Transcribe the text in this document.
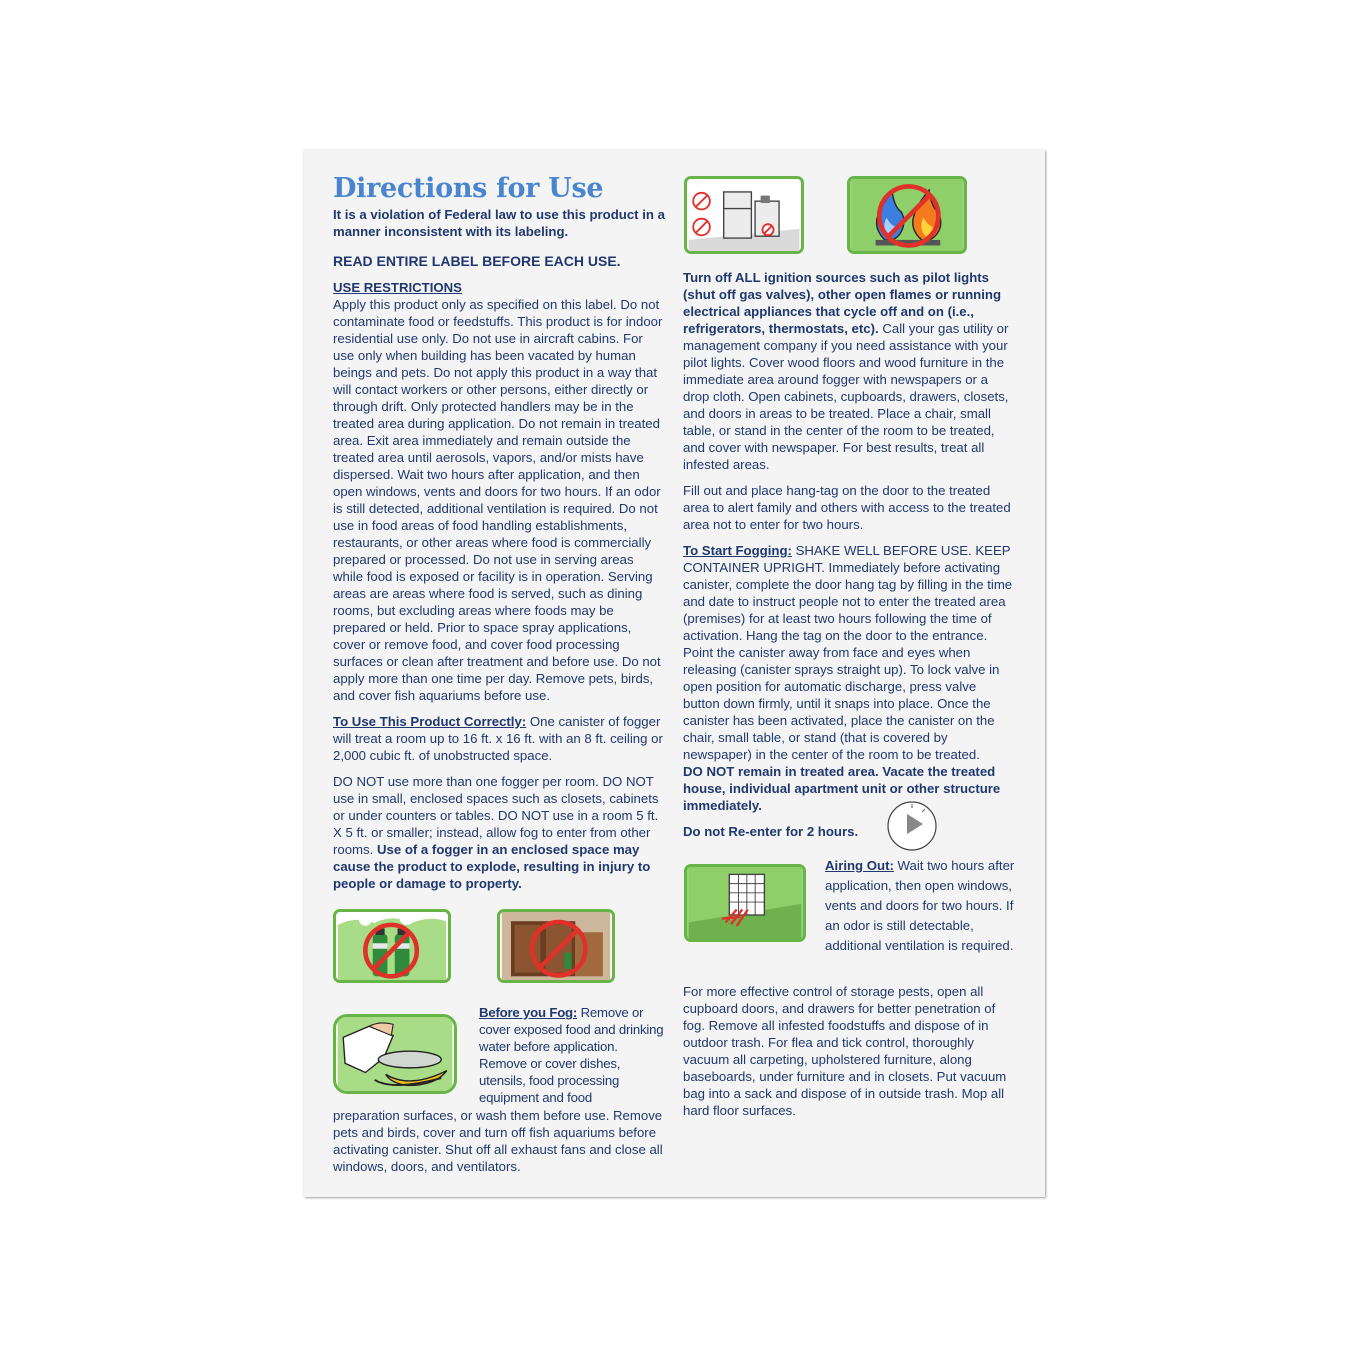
Directions for Use

It is a violation of Federal law to use this product in a manner inconsistent with its labeling.

READ ENTIRE LABEL BEFORE EACH USE.

USE RESTRICTIONS
Apply this product only as specified on this label. Do not contaminate food or feedstuffs. This product is for indoor residential use only. Do not use in aircraft cabins. For use only when building has been vacated by human beings and pets. Do not apply this product in a way that will contact workers or other persons, either directly or through drift. Only protected handlers may be in the treated area during application. Do not remain in treated area. Exit area immediately and remain outside the treated area until aerosols, vapors, and/or mists have dispersed. Wait two hours after application, and then open windows, vents and doors for two hours. If an odor is still detected, additional ventilation is required. Do not use in food areas of food handling establishments, restaurants, or other areas where food is commercially prepared or processed. Do not use in serving areas while food is exposed or facility is in operation. Serving areas are areas where food is served, such as dining rooms, but excluding areas where foods may be prepared or held. Prior to space spray applications, cover or remove food, and cover food processing surfaces or clean after treatment and before use. Do not apply more than one time per day. Remove pets, birds, and cover fish aquariums before use.

To Use This Product Correctly: One canister of fogger will treat a room up to 16 ft. x 16 ft. with an 8 ft. ceiling or 2,000 cubic ft. of unobstructed space.

DO NOT use more than one fogger per room. DO NOT use in small, enclosed spaces such as closets, cabinets or under counters or tables. DO NOT use in a room 5 ft. X 5 ft. or smaller; instead, allow fog to enter from other rooms. Use of a fogger in an enclosed space may cause the product to explode, resulting in injury to people or damage to property.

Before you Fog: Remove or cover exposed food and drinking water before application. Remove or cover dishes, utensils, food processing equipment and food

preparation surfaces, or wash them before use. Remove pets and birds, cover and turn off fish aquariums before activating canister. Shut off all exhaust fans and close all windows, doors, and ventilators.

Turn off ALL ignition sources such as pilot lights (shut off gas valves), other open flames or running electrical appliances that cycle off and on (i.e., refrigerators, thermostats, etc). Call your gas utility or management company if you need assistance with your pilot lights. Cover wood floors and wood furniture in the immediate area around fogger with newspapers or a drop cloth. Open cabinets, cupboards, drawers, closets, and doors in areas to be treated. Place a chair, small table, or stand in the center of the room to be treated, and cover with newspaper. For best results, treat all infested areas.

Fill out and place hang-tag on the door to the treated area to alert family and others with access to the treated area not to enter for two hours.

To Start Fogging: SHAKE WELL BEFORE USE. KEEP CONTAINER UPRIGHT. Immediately before activating canister, complete the door hang tag by filling in the time and date to instruct people not to enter the treated area (premises) for at least two hours following the time of activation. Hang the tag on the door to the entrance. Point the canister away from face and eyes when releasing (canister sprays straight up). To lock valve in open position for automatic discharge, press valve button down firmly, until it snaps into place. Once the canister has been activated, place the canister on the chair, small table, or stand (that is covered by newspaper) in the center of the room to be treated.
DO NOT remain in treated area. Vacate the treated house, individual apartment unit or other structure immediately.

Do not Re-enter for 2 hours.

Airing Out: Wait two hours after application, then open windows, vents and doors for two hours. If an odor is still detectable, additional ventilation is required.

For more effective control of storage pests, open all cupboard doors, and drawers for better penetration of fog. Remove all infested foodstuffs and dispose of in outdoor trash. For flea and tick control, thoroughly vacuum all carpeting, upholstered furniture, along baseboards, under furniture and in closets. Put vacuum bag into a sack and dispose of in outside trash. Mop all hard floor surfaces.
